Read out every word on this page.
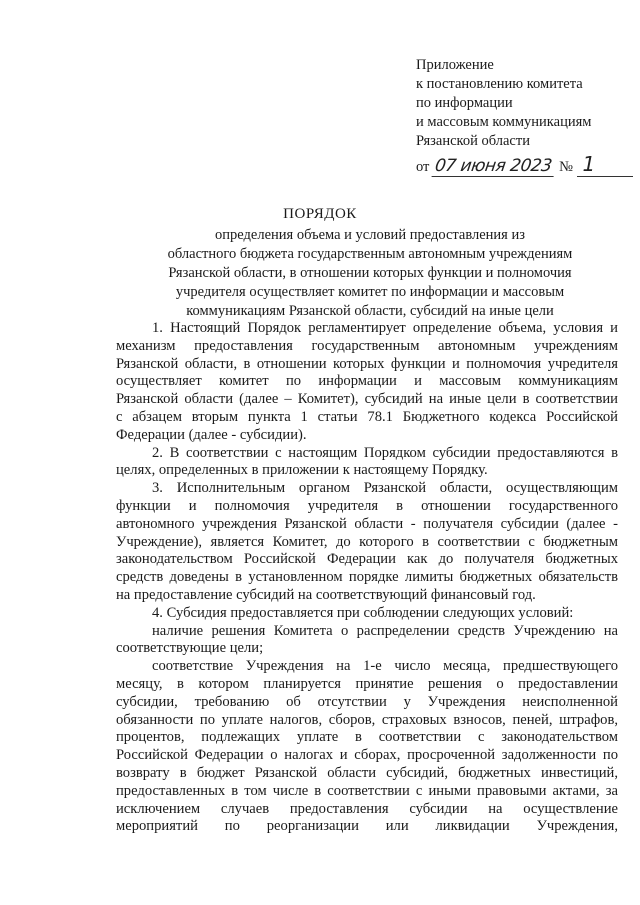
Приложение
к постановлению комитета
по информации
и массовым коммуникациям
Рязанской области
от 07 июня 2023 № 1
ПОРЯДОК
определения объема и условий предоставления из
областного бюджета государственным автономным учреждениям
Рязанской области, в отношении которых функции и полномочия
учредителя осуществляет комитет по информации и массовым
коммуникациям Рязанской области, субсидий на иные цели
1. Настоящий Порядок регламентирует определение объема, условия и
механизм предоставления государственным автономным учреждениям
Рязанской области, в отношении которых функции и полномочия учредителя
осуществляет комитет по информации и массовым коммуникациям
Рязанской области (далее – Комитет), субсидий на иные цели в соответствии
с абзацем вторым пункта 1 статьи 78.1 Бюджетного кодекса Российской
Федерации (далее - субсидии).
2. В соответствии с настоящим Порядком субсидии предоставляются в
целях, определенных в приложении к настоящему Порядку.
3. Исполнительным органом Рязанской области, осуществляющим
функции и полномочия учредителя в отношении государственного
автономного учреждения Рязанской области - получателя субсидии (далее -
Учреждение), является Комитет, до которого в соответствии с бюджетным
законодательством Российской Федерации как до получателя бюджетных
средств доведены в установленном порядке лимиты бюджетных обязательств
на предоставление субсидий на соответствующий финансовый год.
4. Субсидия предоставляется при соблюдении следующих условий:
наличие решения Комитета о распределении средств Учреждению на
соответствующие цели;
соответствие Учреждения на 1-е число месяца, предшествующего
месяцу, в котором планируется принятие решения о предоставлении
субсидии, требованию об отсутствии у Учреждения неисполненной
обязанности по уплате налогов, сборов, страховых взносов, пеней, штрафов,
процентов, подлежащих уплате в соответствии с законодательством
Российской Федерации о налогах и сборах, просроченной задолженности по
возврату в бюджет Рязанской области субсидий, бюджетных инвестиций,
предоставленных в том числе в соответствии с иными правовыми актами, за
исключением случаев предоставления субсидии на осуществление
мероприятий по реорганизации или ликвидации Учреждения,
